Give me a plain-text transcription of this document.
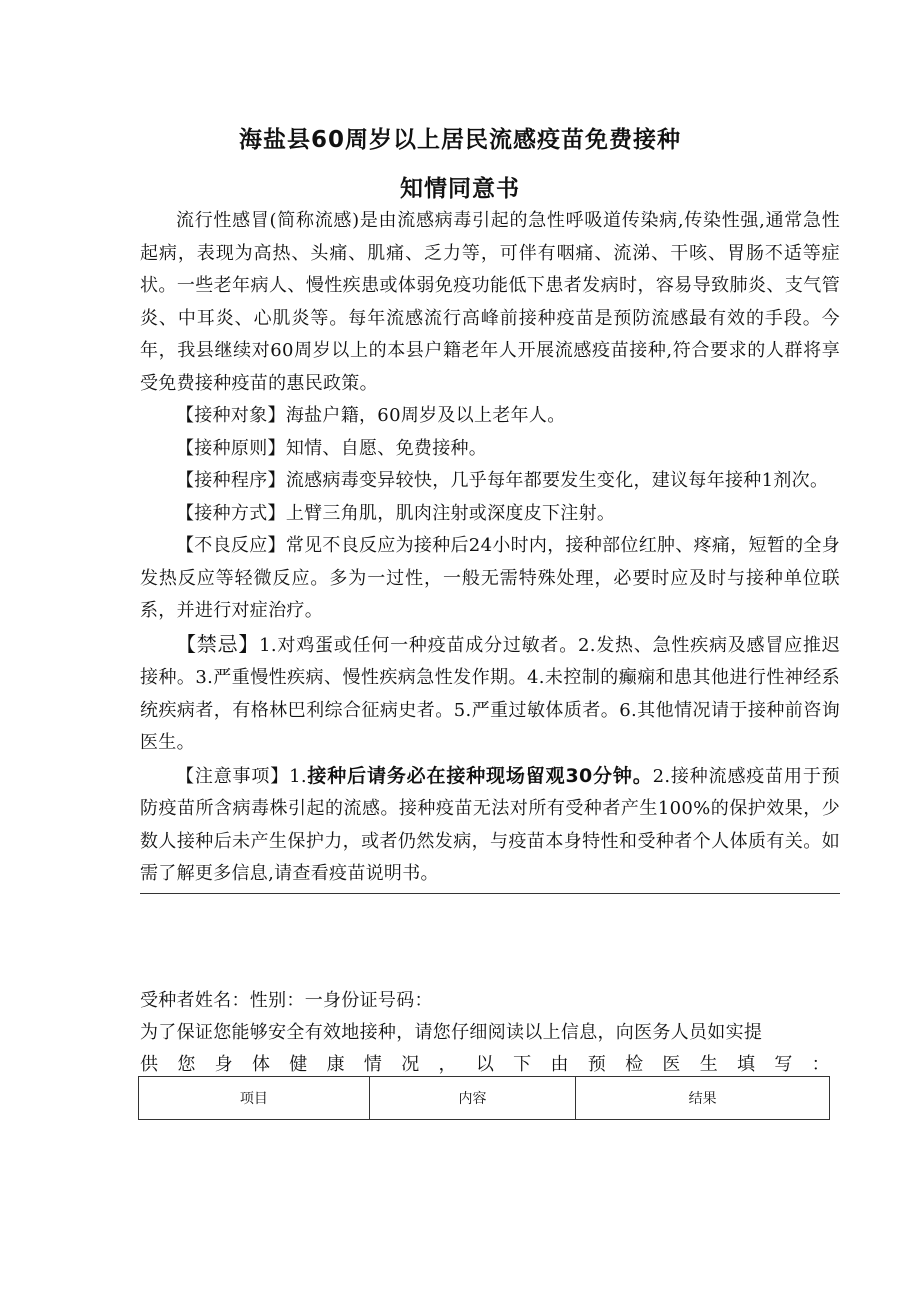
海盐县60周岁以上居民流感疫苗免费接种
知情同意书

流行性感冒(简称流感)是由流感病毒引起的急性呼吸道传染病,传染性强,通常急性起病，表现为高热、头痛、肌痛、乏力等，可伴有咽痛、流涕、干咳、胃肠不适等症状。一些老年病人、慢性疾患或体弱免疫功能低下患者发病时，容易导致肺炎、支气管炎、中耳炎、心肌炎等。每年流感流行高峰前接种疫苗是预防流感最有效的手段。今年，我县继续对60周岁以上的本县户籍老年人开展流感疫苗接种,符合要求的人群将享受免费接种疫苗的惠民政策。

【接种对象】海盐户籍，60周岁及以上老年人。

【接种原则】知情、自愿、免费接种。

【接种程序】流感病毒变异较快，几乎每年都要发生变化，建议每年接种1剂次。

【接种方式】上臂三角肌，肌肉注射或深度皮下注射。

【不良反应】常见不良反应为接种后24小时内，接种部位红肿、疼痛，短暂的全身发热反应等轻微反应。多为一过性，一般无需特殊处理，必要时应及时与接种单位联系，并进行对症治疗。

【禁忌】1.对鸡蛋或任何一种疫苗成分过敏者。2.发热、急性疾病及感冒应推迟接种。3.严重慢性疾病、慢性疾病急性发作期。4.未控制的癫痫和患其他进行性神经系统疾病者，有格林巴利综合征病史者。5.严重过敏体质者。6.其他情况请于接种前咨询医生。

【注意事项】1.接种后请务必在接种现场留观30分钟。2.接种流感疫苗用于预防疫苗所含病毒株引起的流感。接种疫苗无法对所有受种者产生100%的保护效果，少数人接种后未产生保护力，或者仍然发病，与疫苗本身特性和受种者个人体质有关。如需了解更多信息,请查看疫苗说明书。

受种者姓名：性别：一身份证号码：
为了保证您能够安全有效地接种，请您仔细阅读以上信息，向医务人员如实提
供 您 身 体 健 康 情 况 ， 以 下 由 预 检 医 生 填 写 ：
项目	内容	结果
